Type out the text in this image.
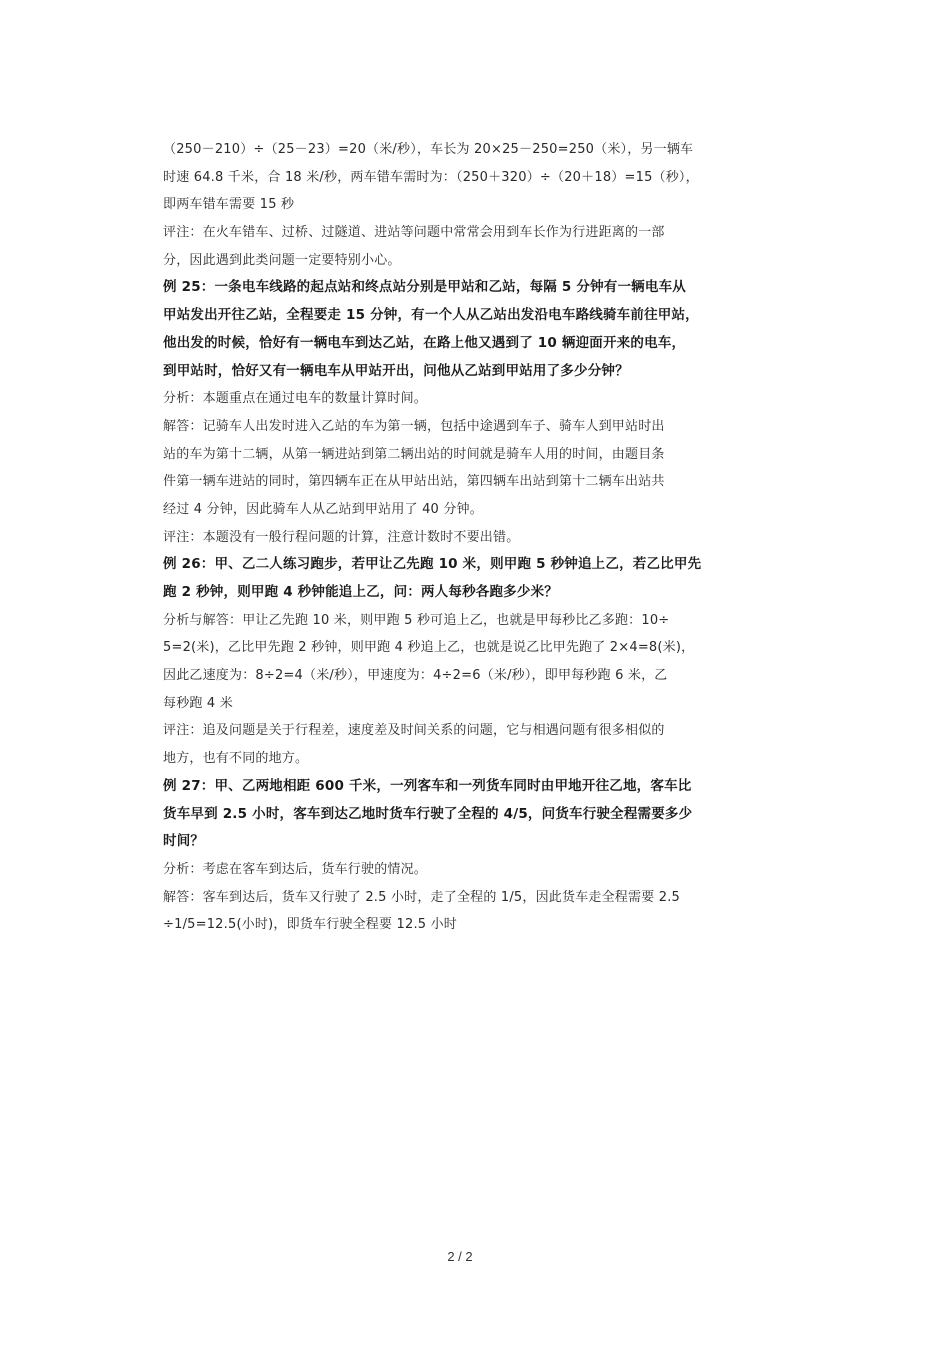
（250－210）÷（25－23）=20（米/秒），车长为 20×25－250=250（米），另一辆车
时速 64.8 千米，合 18 米/秒，两车错车需时为：（250＋320）÷（20＋18）=15（秒），
即两车错车需要 15 秒
评注：在火车错车、过桥、过隧道、进站等问题中常常会用到车长作为行进距离的一部
分，因此遇到此类问题一定要特别小心。
例 25：一条电车线路的起点站和终点站分别是甲站和乙站，每隔 5 分钟有一辆电车从
甲站发出开往乙站，全程要走 15 分钟，有一个人从乙站出发沿电车路线骑车前往甲站，
他出发的时候，恰好有一辆电车到达乙站，在路上他又遇到了 10 辆迎面开来的电车，
到甲站时，恰好又有一辆电车从甲站开出，问他从乙站到甲站用了多少分钟？
分析：本题重点在通过电车的数量计算时间。
解答：记骑车人出发时进入乙站的车为第一辆，包括中途遇到车子、骑车人到甲站时出
站的车为第十二辆，从第一辆进站到第二辆出站的时间就是骑车人用的时间，由题目条
件第一辆车进站的同时，第四辆车正在从甲站出站，第四辆车出站到第十二辆车出站共
经过 4 分钟，因此骑车人从乙站到甲站用了 40 分钟。
评注：本题没有一般行程问题的计算，注意计数时不要出错。
例 26：甲、乙二人练习跑步，若甲让乙先跑 10 米，则甲跑 5 秒钟追上乙，若乙比甲先
跑 2 秒钟，则甲跑 4 秒钟能追上乙，问：两人每秒各跑多少米？
分析与解答：甲让乙先跑 10 米，则甲跑 5 秒可追上乙，也就是甲每秒比乙多跑：10÷
5=2(米)，乙比甲先跑 2 秒钟，则甲跑 4 秒追上乙，也就是说乙比甲先跑了 2×4=8(米)，
因此乙速度为：8÷2=4（米/秒），甲速度为：4÷2=6（米/秒），即甲每秒跑 6 米，乙
每秒跑 4 米
评注：追及问题是关于行程差，速度差及时间关系的问题，它与相遇问题有很多相似的
地方，也有不同的地方。
例 27：甲、乙两地相距 600 千米，一列客车和一列货车同时由甲地开往乙地，客车比
货车早到 2.5 小时，客车到达乙地时货车行驶了全程的 4/5，问货车行驶全程需要多少
时间？
分析：考虑在客车到达后，货车行驶的情况。
解答：客车到达后，货车又行驶了 2.5 小时，走了全程的 1/5，因此货车走全程需要 2.5
÷1/5=12.5(小时)，即货车行驶全程要 12.5 小时
2 / 2
